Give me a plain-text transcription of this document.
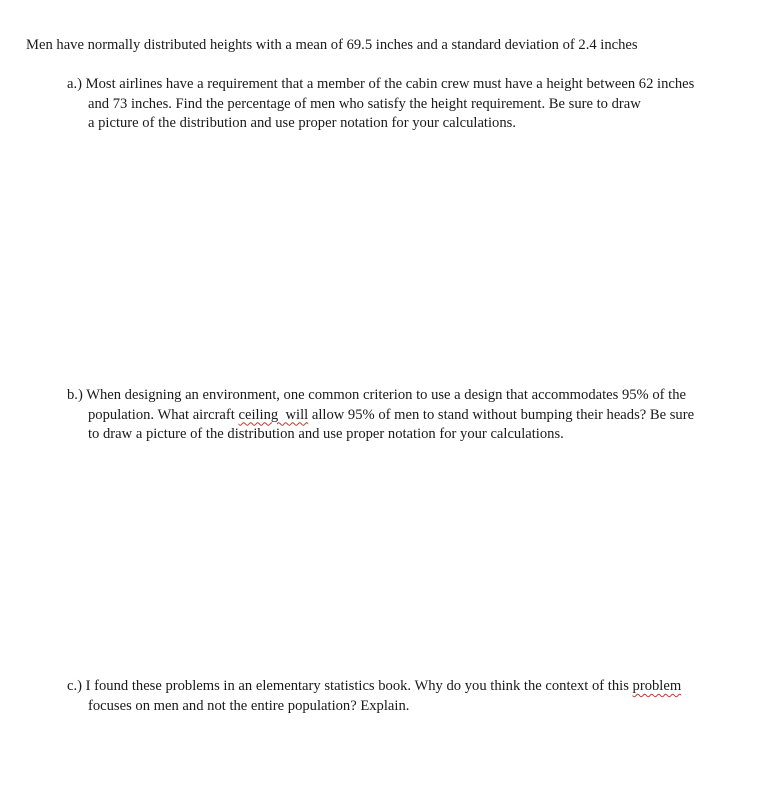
Men have normally distributed heights with a mean of 69.5 inches and a standard deviation of 2.4 inches
a.) Most airlines have a requirement that a member of the cabin crew must have a height between 62 inches
and 73 inches. Find the percentage of men who satisfy the height requirement. Be sure to draw
a picture of the distribution and use proper notation for your calculations.
b.) When designing an environment, one common criterion to use a design that accommodates 95% of the
population. What aircraft ceiling  will allow 95% of men to stand without bumping their heads? Be sure
to draw a picture of the distribution and use proper notation for your calculations.
c.) I found these problems in an elementary statistics book. Why do you think the context of this problem
focuses on men and not the entire population? Explain.
